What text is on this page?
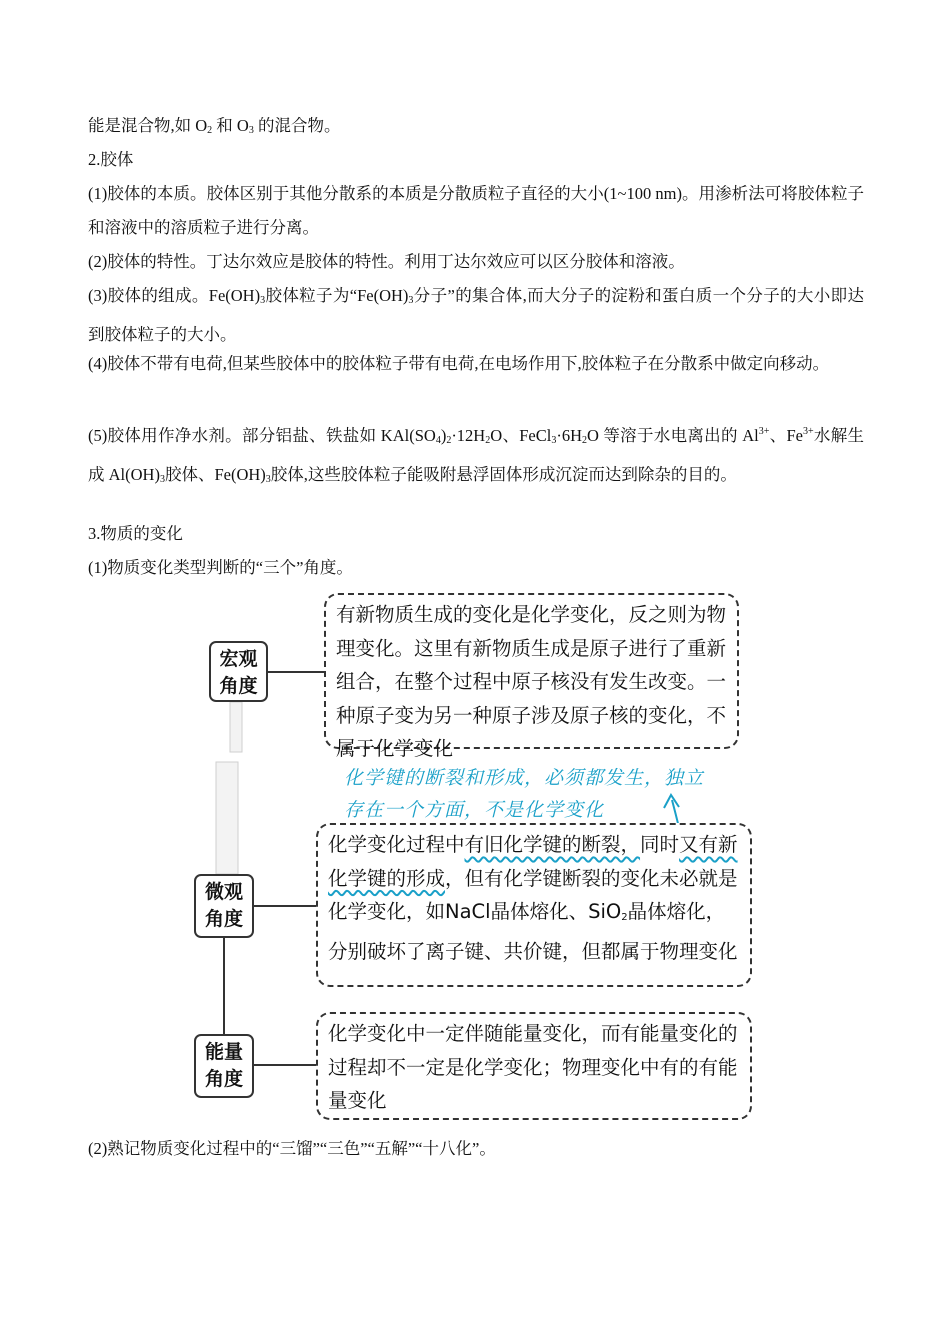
能是混合物,如 $O_2$ 和 $O_3$ 的混合物。
2.胶体
(1)胶体的本质。胶体区别于其他分散系的本质是分散质粒子直径的大小(1~100 nm)。用渗析法可将胶体粒子和溶液中的溶质粒子进行分离。
(2)胶体的特性。丁达尔效应是胶体的特性。利用丁达尔效应可以区分胶体和溶液。
(3)胶体的组成。$Fe(OH)_3$胶体粒子为“$Fe(OH)_3$分子”的集合体,而大分子的淀粉和蛋白质一个分子的大小即达到胶体粒子的大小。
(4)胶体不带有电荷,但某些胶体中的胶体粒子带有电荷,在电场作用下,胶体粒子在分散系中做定向移动。
(5)胶体用作净水剂。部分铝盐、铁盐如 $KAl(SO_4)_2\cdot 12H_2O$、$FeCl_3\cdot 6H_2O$ 等溶于水电离出的 $Al^{3+}$、$Fe^{3+}$水解生成 $Al(OH)_3$胶体、$Fe(OH)_3$胶体,这些胶体粒子能吸附悬浮固体形成沉淀而达到除杂的目的。
3.物质的变化
(1)物质变化类型判断的“三个”角度。
宏观
角度
有新物质生成的变化是化学变化，反之则为物理变化。这里有新物质生成是原子进行了重新组合，在整个过程中原子核没有发生改变。一种原子变为另一种原子涉及原子核的变化，不属于化学变化
化学键的断裂和形成，必须都发生，独立
存在一个方面，不是化学变化
微观
角度
化学变化过程中有旧化学键的断裂，同时又有新化学键的形成，但有化学键断裂的变化未必就是化学变化，如NaCl晶体熔化、SiO$_2$晶体熔化，分别破坏了离子键、共价键，但都属于物理变化
能量
角度
化学变化中一定伴随能量变化，而有能量变化的过程却不一定是化学变化；物理变化中有的有能量变化
(2)熟记物质变化过程中的“三馏”“三色”“五解”“十八化”。
